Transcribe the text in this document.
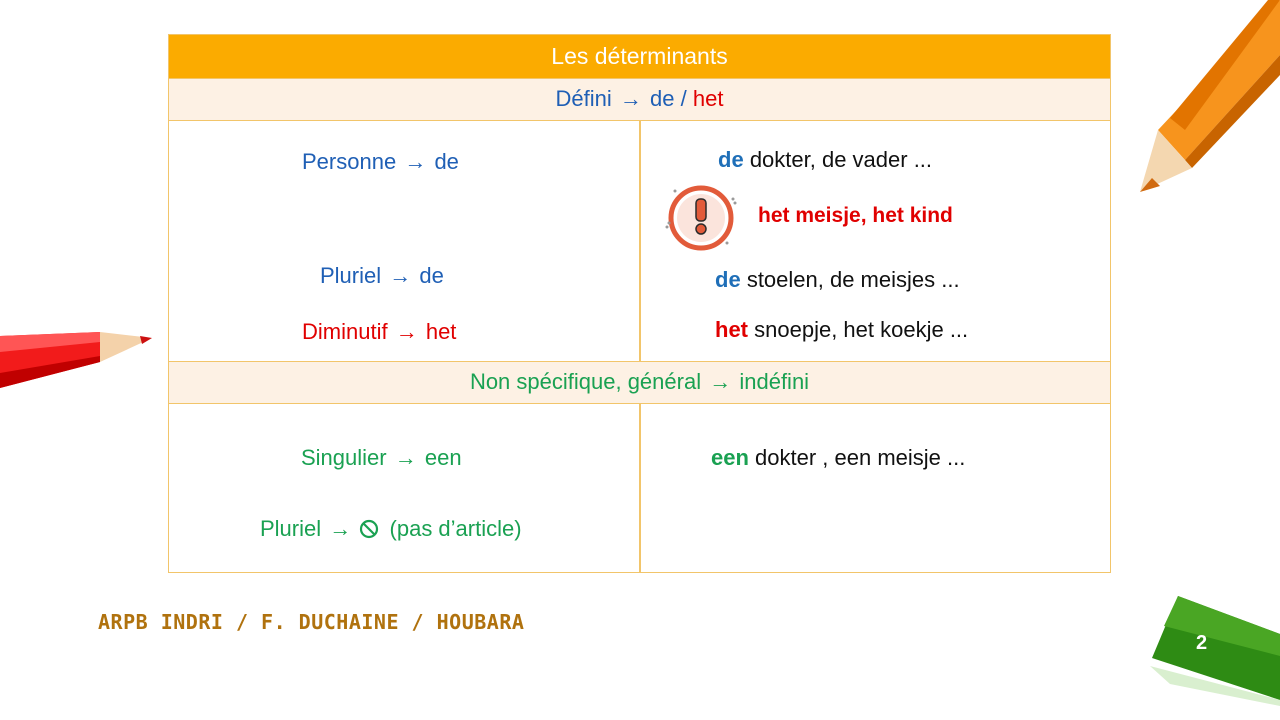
Les déterminants
Défini → de / het
Personne → de
Pluriel → de
Diminutif → het
de dokter, de vader ...
het meisje, het kind
de stoelen, de meisjes ...
het snoepje, het koekje ...
Non spécifique, général → indéfini
Singulier → een
Pluriel → (pas d’article)
een dokter , een meisje ...
ARPB INDRI / F. DUCHAINE / HOUBARA
2
